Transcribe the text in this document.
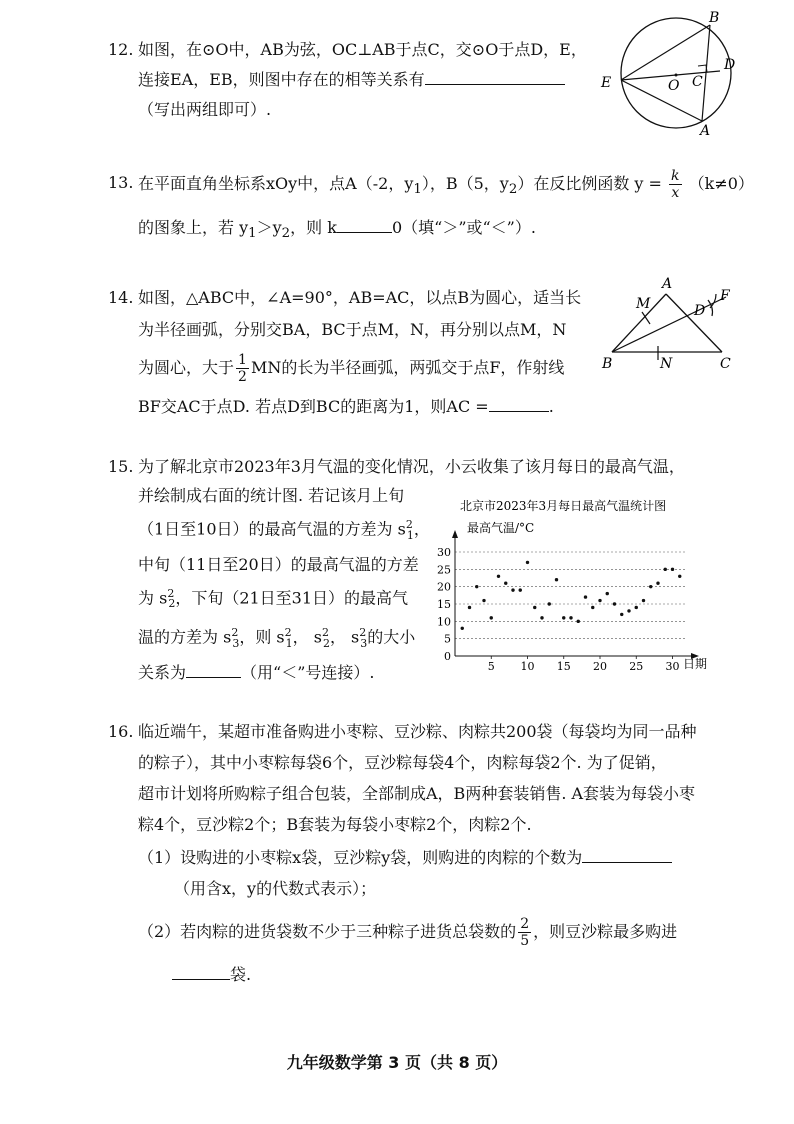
12. 如图，在⊙O中，AB为弦，OC⊥AB于点C，交⊙O于点D，E，
连接EA，EB，则图中存在的相等关系有
（写出两组即可）.
B
D
E	O C
A
13. 在平面直角坐标系xOy中，点A（-2，$y_1$），B（5，$y_2$）在反比例函数 $y = \frac{k}{x} (k\ne 0)$
的图象上，若 $y_1>y_2$，则 k	0（填“＞”或“＜”）.
14. 如图，△ABC中，∠A=90°，AB=AC，以点B为圆心，适当长
为半径画弧，分别交BA，BC于点M，N，再分别以点M，N
为圆心，大于 $\frac{1}{2}$ MN的长为半径画弧，两弧交于点F，作射线
BF交AC于点D. 若点D到BC的距离为1，则AC =	.
A
M	F
D
B	N	C
15. 为了解北京市2023年3月气温的变化情况，小云收集了该月每日的最高气温，
并绘制成右面的统计图. 若记该月上旬
（1日至10日）的最高气温的方差为 $s^2_1$，
中旬（11日至20日）的最高气温的方差
为 $s^2_2$，下旬（21日至31日）的最高气
温的方差为 $s^2_3$，则 $s^2_1$， $s^2_2$， $s^2_3$的大小
关系为	（用“＜”号连接）.
北京市2023年3月每日最高气温统计图
最高气温/°C
日期
0
5
10
15
20
25
30
5 10 15 20 25 30
16. 临近端午，某超市准备购进小枣粽、豆沙粽、肉粽共200袋（每袋均为同一品种
的粽子），其中小枣粽每袋6个，豆沙粽每袋4个，肉粽每袋2个. 为了促销，
超市计划将所购粽子组合包装，全部制成A，B两种套装销售. A套装为每袋小枣
粽4个，豆沙粽2个；B套装为每袋小枣粽2个，肉粽2个.
（1）设购进的小枣粽x袋，豆沙粽y袋，则购进的肉粽的个数为
（用含x，y的代数式表示）；
（2）若肉粽的进货袋数不少于三种粽子进货总袋数的 $\frac{2}{5}$ ，则豆沙粽最多购进
袋.
九年级数学第 3 页（共 8 页）
